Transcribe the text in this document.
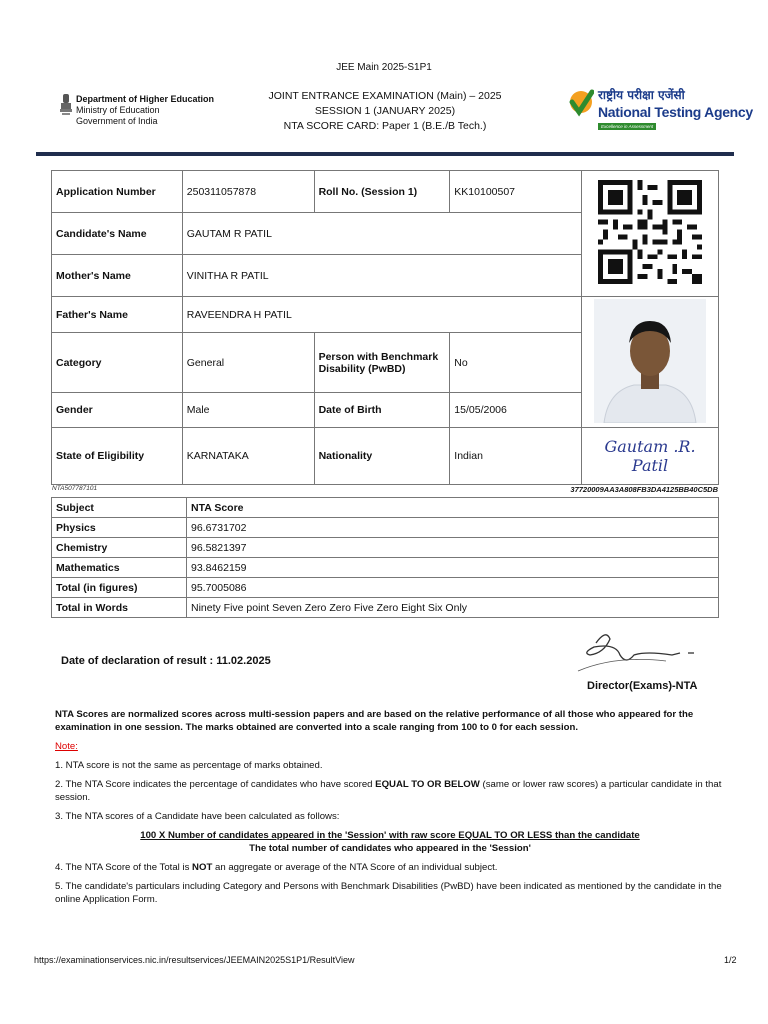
JEE Main 2025-S1P1
Department of Higher Education
Ministry of Education
Government of India
JOINT ENTRANCE EXAMINATION (Main) – 2025
SESSION 1 (JANUARY 2025)
NTA SCORE CARD: Paper 1 (B.E./B Tech.)
राष्ट्रीय परीक्षा एजेंसी
National Testing Agency
Excellence in Assessment
Application Number	250311057878	Roll No. (Session 1)	KK10100507	
Candidate's Name	GAUTAM R PATIL			
Mother's Name	VINITHA R PATIL			
Father's Name	RAVEENDRA H PATIL	
Category	General	Person with Benchmark Disability (PwBD)	No	
Gender	Male	Date of Birth	15/05/2006	
State of Eligibility	KARNATAKA	Nationality	Indian	Gautam .R. Patil
NTA507787101	37720009AA3A808FB3DA4125BB40C5DB
Subject	NTA Score
Physics	96.6731702
Chemistry	96.5821397
Mathematics	93.8462159
Total (in figures)	95.7005086
Total in Words	Ninety Five point Seven Zero Zero Five Zero Eight Six Only
Date of declaration of result : 11.02.2025
Director(Exams)-NTA

NTA Scores are normalized scores across multi-session papers and are based on the relative performance of all those who appeared for the examination in one session. The marks obtained are converted into a scale ranging from 100 to 0 for each session.

Note:

1. NTA score is not the same as percentage of marks obtained.

2. The NTA Score indicates the percentage of candidates who have scored EQUAL TO OR BELOW (same or lower raw scores) a particular candidate in that session.

3. The NTA scores of a Candidate have been calculated as follows:

100 X Number of candidates appeared in the 'Session' with raw score EQUAL TO OR LESS than the candidate
The total number of candidates who appeared in the 'Session'

4. The NTA Score of the Total is NOT an aggregate or average of the NTA Score of an individual subject.

5. The candidate's particulars including Category and Persons with Benchmark Disabilities (PwBD) have been indicated as mentioned by the candidate in the online Application Form.

https://examinationservices.nic.in/resultservices/JEEMAIN2025S1P1/ResultView	1/2
